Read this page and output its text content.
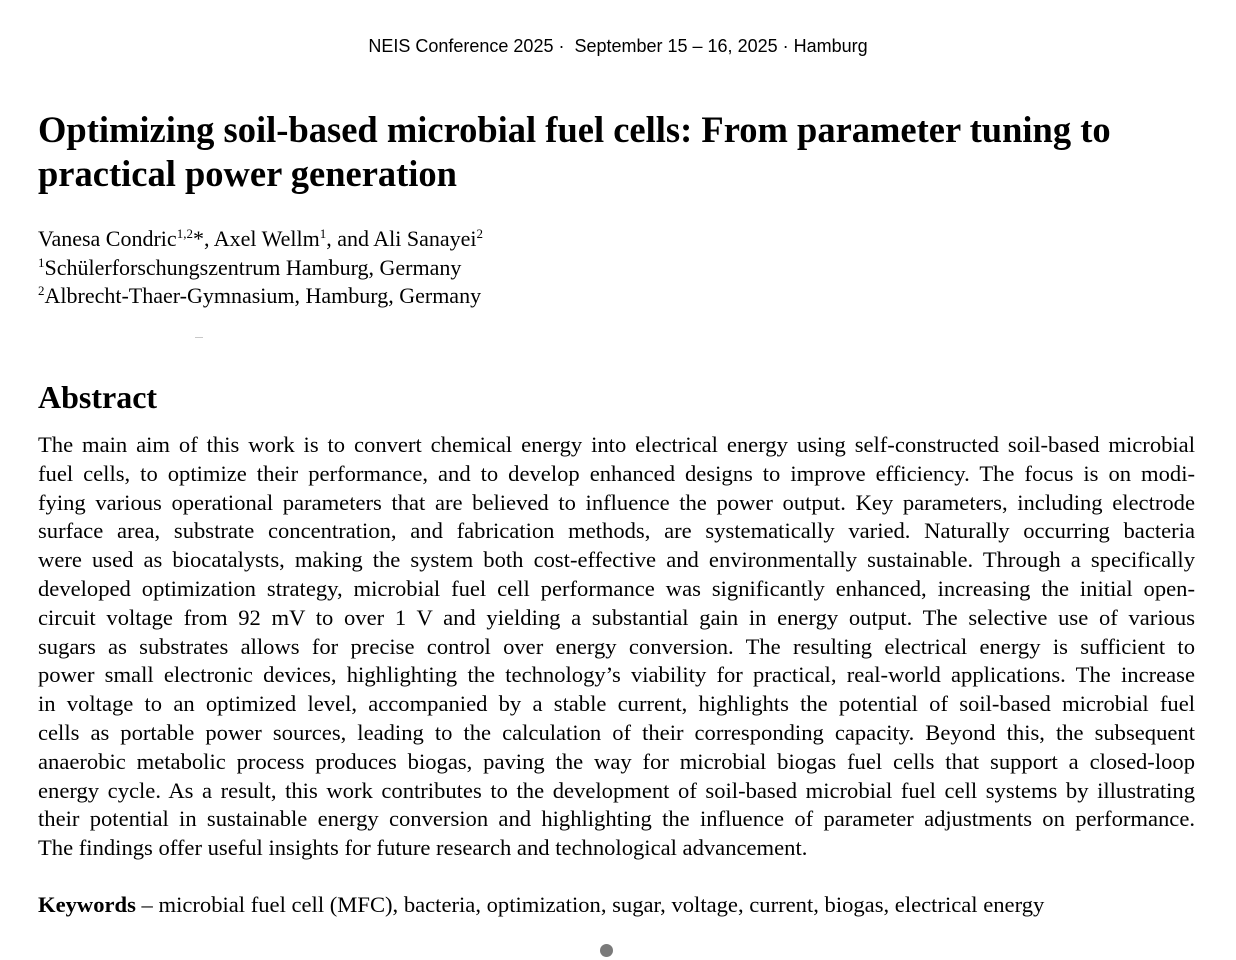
NEIS Conference 2025 ·  September 15 – 16, 2025 · Hamburg
Optimizing soil-based microbial fuel cells: From parameter tuning to practical power generation
Vanesa Condric$^{1,2}$*, Axel Wellm$^1$, and Ali Sanayei$^2$
$^1$Schülerforschungszentrum Hamburg, Germany
$^2$Albrecht-Thaer-Gymnasium, Hamburg, Germany
Abstract
The main aim of this work is to convert chemical energy into electrical energy using self-constructed soil-based microbial
fuel cells, to optimize their performance, and to develop enhanced designs to improve efficiency. The focus is on modi-
fying various operational parameters that are believed to influence the power output. Key parameters, including electrode
surface area, substrate concentration, and fabrication methods, are systematically varied. Naturally occurring bacteria
were used as biocatalysts, making the system both cost-effective and environmentally sustainable. Through a specifically
developed optimization strategy, microbial fuel cell performance was significantly enhanced, increasing the initial open-
circuit voltage from 92 mV to over 1 V and yielding a substantial gain in energy output. The selective use of various
sugars as substrates allows for precise control over energy conversion. The resulting electrical energy is sufficient to
power small electronic devices, highlighting the technology’s viability for practical, real-world applications. The increase
in voltage to an optimized level, accompanied by a stable current, highlights the potential of soil-based microbial fuel
cells as portable power sources, leading to the calculation of their corresponding capacity. Beyond this, the subsequent
anaerobic metabolic process produces biogas, paving the way for microbial biogas fuel cells that support a closed-loop
energy cycle. As a result, this work contributes to the development of soil-based microbial fuel cell systems by illustrating
their potential in sustainable energy conversion and highlighting the influence of parameter adjustments on performance.
The findings offer useful insights for future research and technological advancement.
Keywords – microbial fuel cell (MFC), bacteria, optimization, sugar, voltage, current, biogas, electrical energy
